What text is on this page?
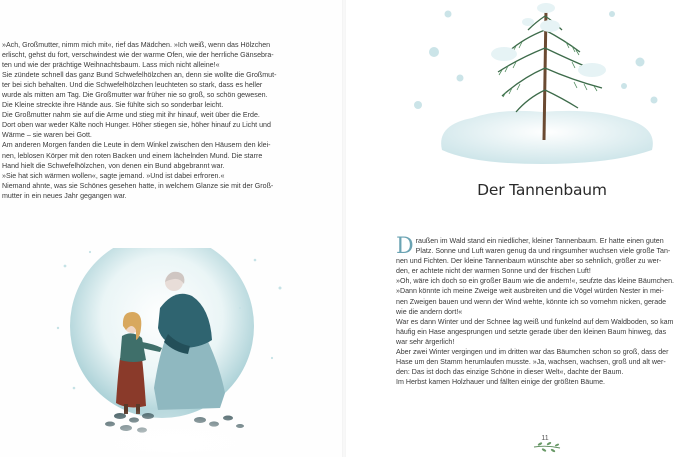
»Ach, Großmutter, nimm mich mit«, rief das Mädchen. »Ich weiß, wenn das Hölzchen
erlischt, gehst du fort, verschwindest wie der warme Ofen, wie der herrliche Gänsebra-
ten und wie der prächtige Weihnachtsbaum. Lass mich nicht alleine!«

Sie zündete schnell das ganz Bund Schwefelhölzchen an, denn sie wollte die Großmut-
ter bei sich behalten. Und die Schwefelhölzchen leuchteten so stark, dass es heller
wurde als mitten am Tag. Die Großmutter war früher nie so groß, so schön gewesen.
Die Kleine streckte ihre Hände aus. Sie fühlte sich so sonderbar leicht.

Die Großmutter nahm sie auf die Arme und stieg mit ihr hinauf, weit über die Erde.
Dort oben war weder Kälte noch Hunger. Höher stiegen sie, höher hinauf zu Licht und
Wärme – sie waren bei Gott.

Am anderen Morgen fanden die Leute in dem Winkel zwischen den Häusern den klei-
nen, leblosen Körper mit den roten Backen und einem lächelnden Mund. Die starre
Hand hielt die Schwefelhölzchen, von denen ein Bund abgebrannt war.

»Sie hat sich wärmen wollen«, sagte jemand. »Und ist dabei erfroren.«

Niemand ahnte, was sie Schönes gesehen hatte, in welchem Glanze sie mit der Groß-
mutter in ein neues Jahr gegangen war.	Der Tannenbaum

Draußen im Wald stand ein niedlicher, kleiner Tannenbaum. Er hatte einen guten
Platz. Sonne und Luft waren genug da und ringsumher wuchsen viele große Tan-
nen und Fichten. Der kleine Tannenbaum wünschte aber so sehnlich, größer zu wer-
den, er achtete nicht der warmen Sonne und der frischen Luft!

»Oh, wäre ich doch so ein großer Baum wie die andern!«, seufzte das kleine Bäumchen.
»Dann könnte ich meine Zweige weit ausbreiten und die Vögel würden Nester in mei-
nen Zweigen bauen und wenn der Wind wehte, könnte ich so vornehm nicken, gerade
wie die andern dort!«

War es dann Winter und der Schnee lag weiß und funkelnd auf dem Waldboden, so kam
häufig ein Hase angesprungen und setzte gerade über den kleinen Baum hinweg, das
war sehr ärgerlich!

Aber zwei Winter vergingen und im dritten war das Bäumchen schon so groß, dass der
Hase um den Stamm herumlaufen musste. »Ja, wachsen, wachsen, groß und alt wer-
den: Das ist doch das einzige Schöne in dieser Welt«, dachte der Baum.

Im Herbst kamen Holzhauer und fällten einige der größten Bäume.

11
